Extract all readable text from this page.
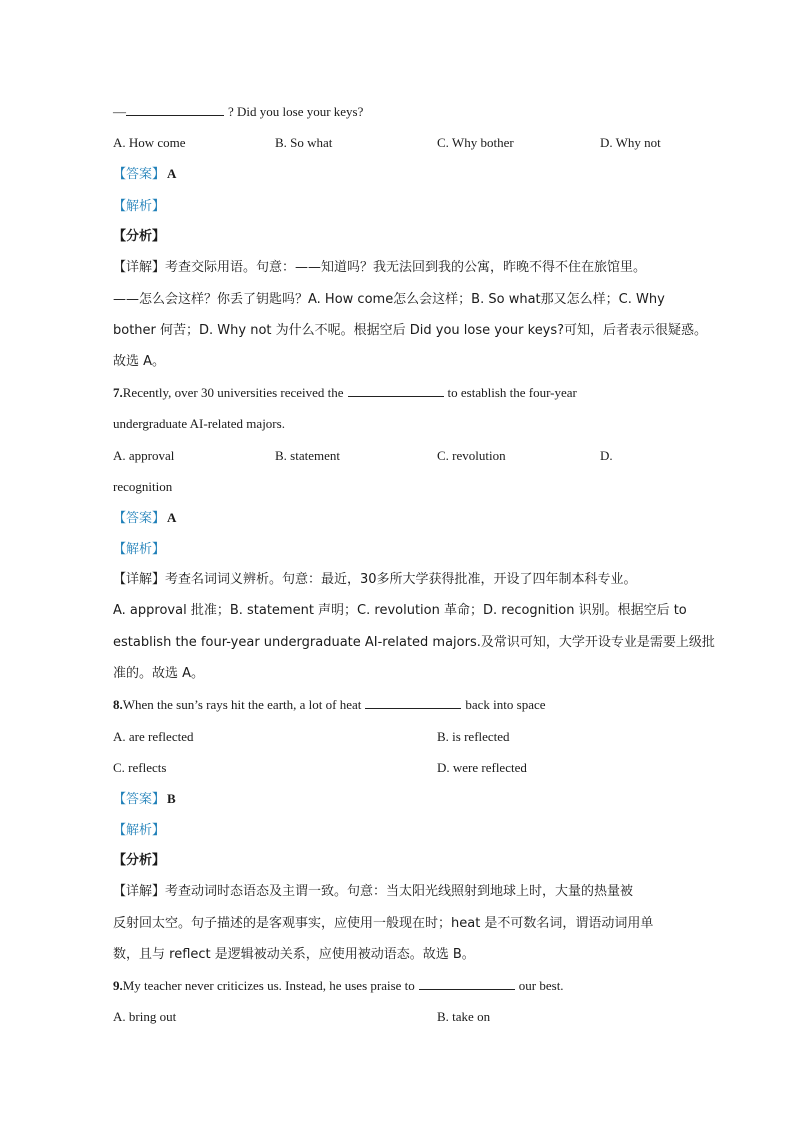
—	? Did you lose your keys?
A. How come	B. So what	C. Why bother	D. Why not
【答案】 A
【解析】
【分析】
【详解】考查交际用语。句意：——知道吗？我无法回到我的公寓，昨晚不得不住在旅馆里。
——怎么会这样？你丢了钥匙吗？A. How come怎么会这样；B. So what那又怎么样；C. Why
bother 何苦；D. Why not 为什么不呢。根据空后 Did you lose your keys?可知，后者表示很疑惑。
故选 A。
7.Recently, over 30 universities received the	to establish the four-year
undergraduate AI-related majors.
A. approval	B. statement	C. revolution	D.
recognition
【答案】 A
【解析】
【详解】考查名词词义辨析。句意：最近，30多所大学获得批准，开设了四年制本科专业。
A. approval 批准；B. statement 声明；C. revolution 革命；D. recognition 识别。根据空后 to
establish the four-year undergraduate AI-related majors.及常识可知，大学开设专业是需要上级批
准的。故选 A。
8.When the sun’s rays hit the earth, a lot of heat	back into space
A. are reflected	B. is reflected
C. reflects	D. were reflected
【答案】 B
【解析】
【分析】
【详解】考查动词时态语态及主谓一致。句意：当太阳光线照射到地球上时，大量的热量被
反射回太空。句子描述的是客观事实，应使用一般现在时；heat 是不可数名词，谓语动词用单
数，且与 reflect 是逻辑被动关系，应使用被动语态。故选 B。
9.My teacher never criticizes us. Instead, he uses praise to	our best.
A. bring out	B. take on
